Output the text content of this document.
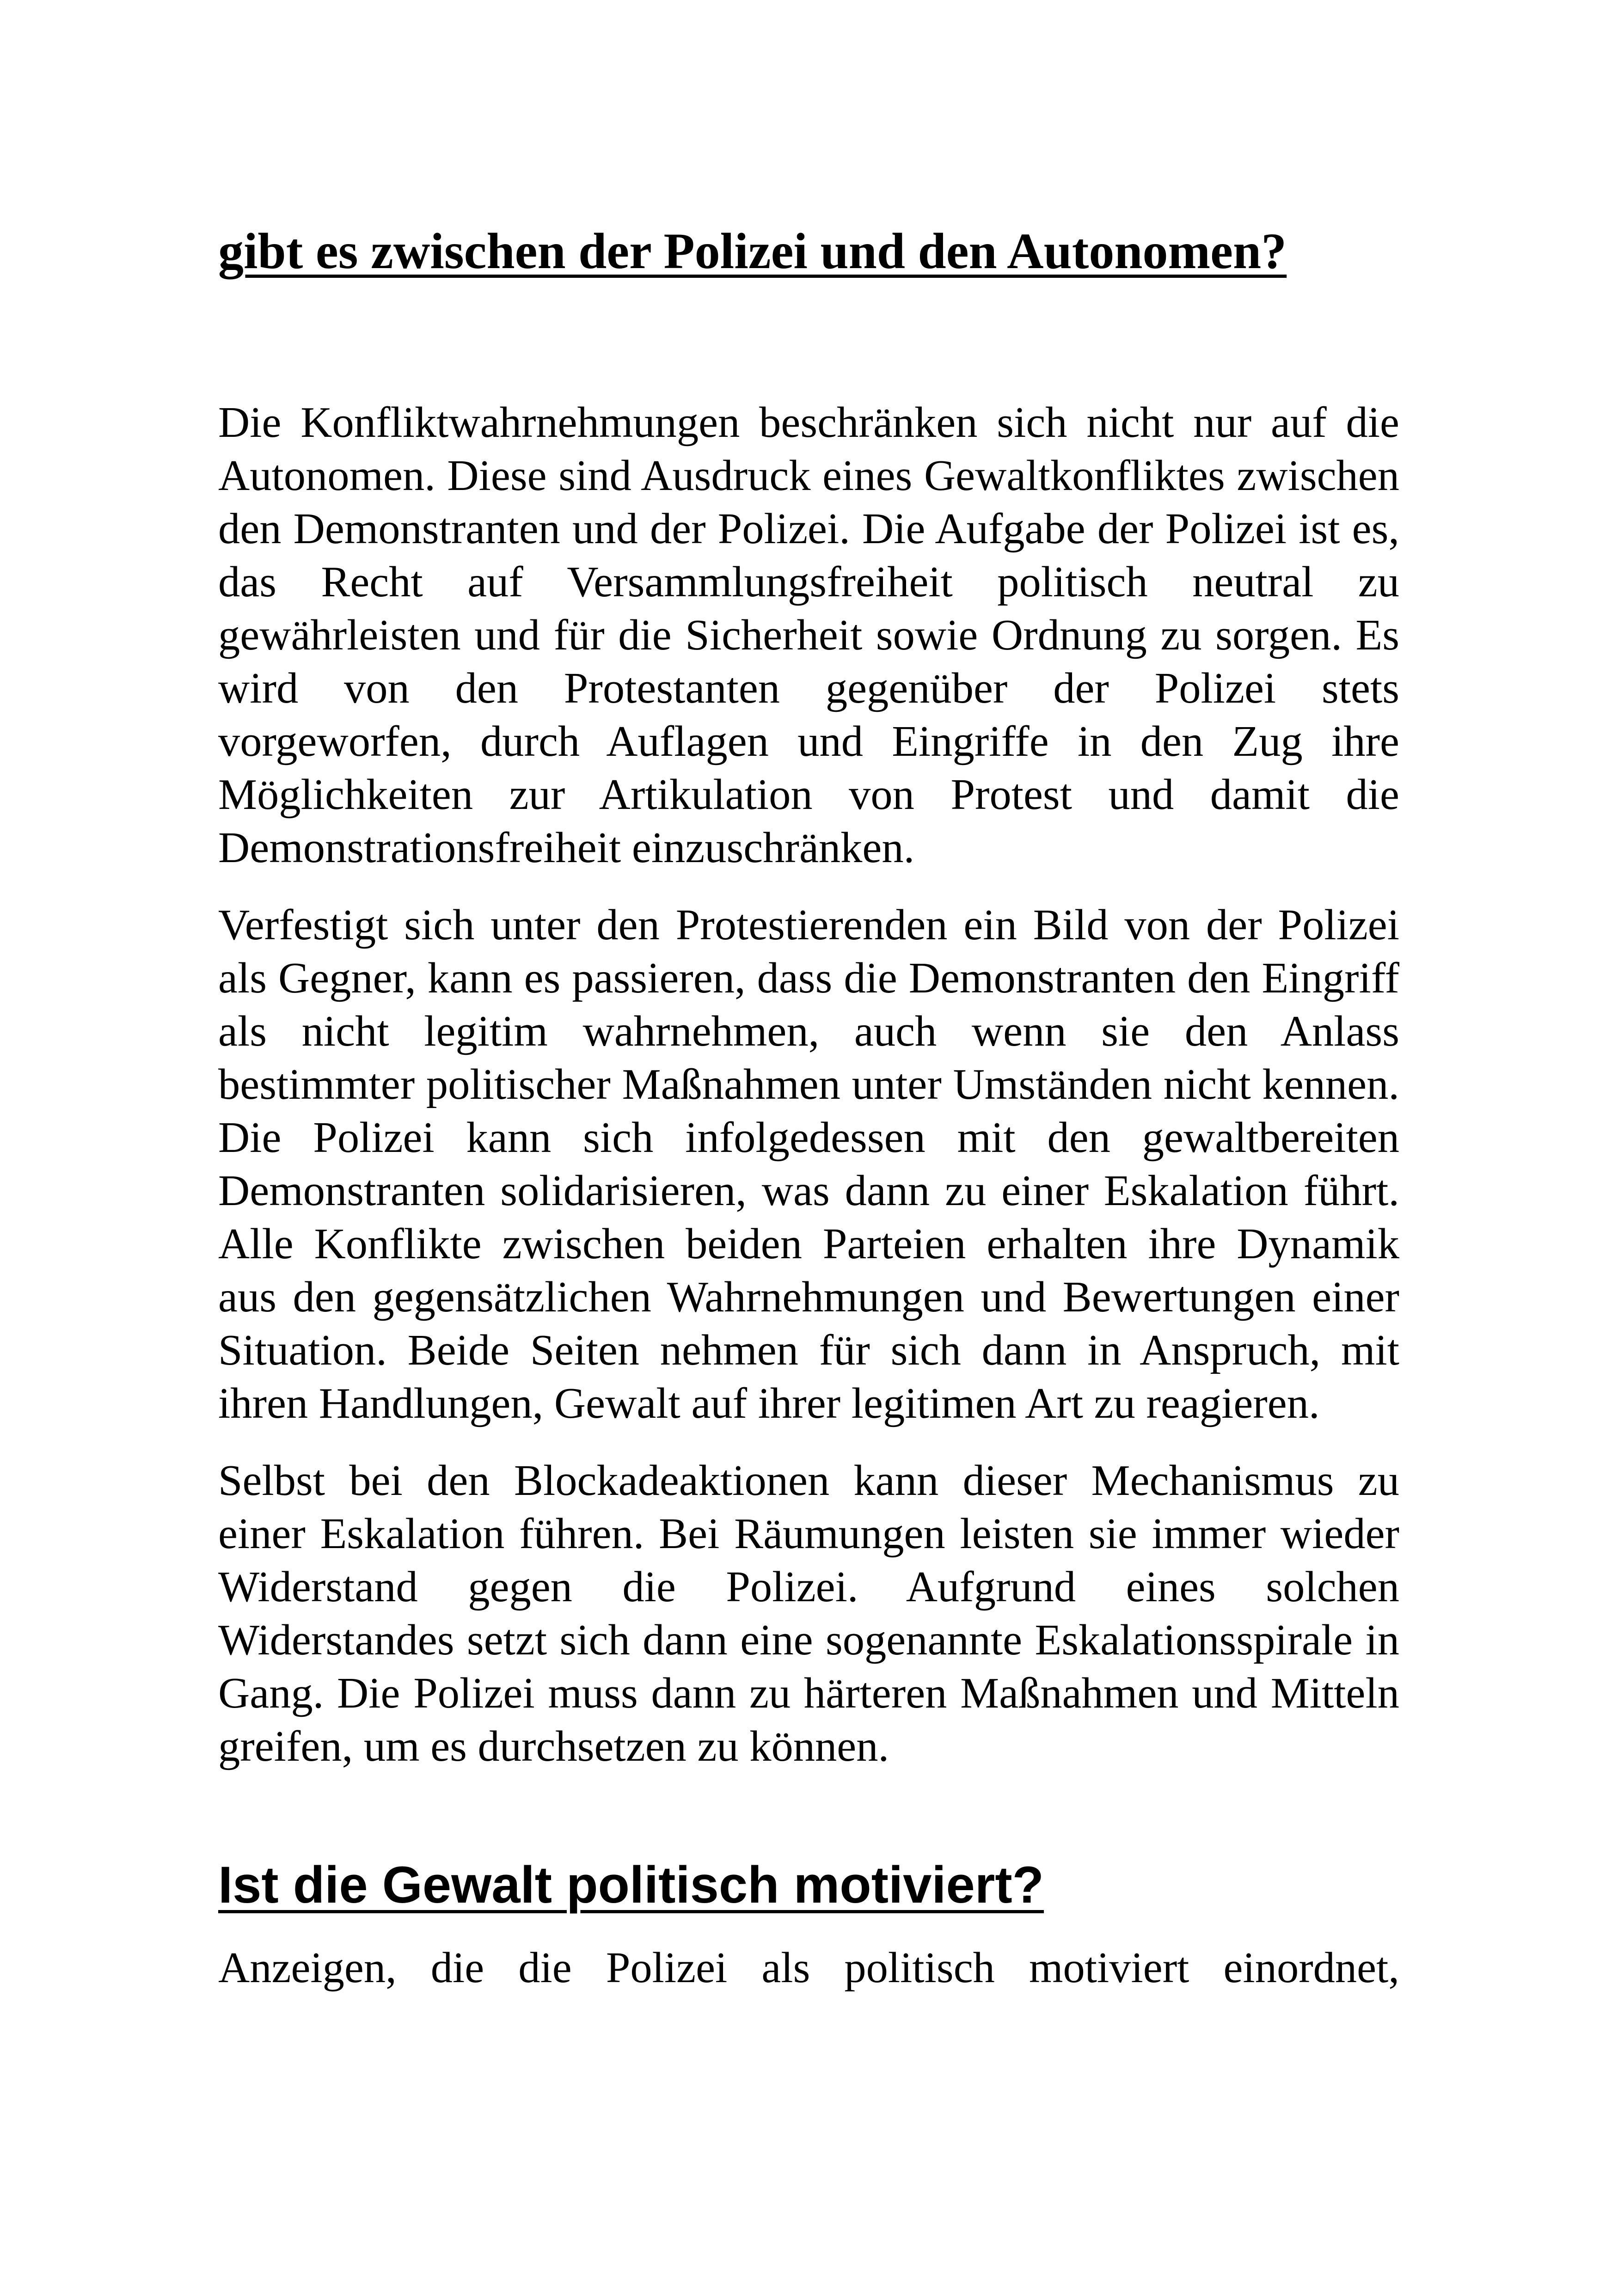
gibt es zwischen der Polizei und den Autonomen?

Die Konfliktwahrnehmungen beschränken sich nicht nur auf die Autonomen. Diese sind Ausdruck eines Gewaltkonfliktes zwischen den Demonstranten und der Polizei. Die Aufgabe der Polizei ist es, das Recht auf Versammlungsfreiheit politisch neutral zu gewährleisten und für die Sicherheit sowie Ordnung zu sorgen. Es wird von den Protestanten gegenüber der Polizei stets vorgeworfen, durch Auflagen und Eingriffe in den Zug ihre Möglichkeiten zur Artikulation von Protest und damit die Demonstrationsfreiheit einzuschränken.

Verfestigt sich unter den Protestierenden ein Bild von der Polizei als Gegner, kann es passieren, dass die Demonstranten den Eingriff als nicht legitim wahrnehmen, auch wenn sie den Anlass bestimmter politischer Maßnahmen unter Umständen nicht kennen. Die Polizei kann sich infolgedessen mit den gewaltbereiten Demonstranten solidarisieren, was dann zu einer Eskalation führt. Alle Konflikte zwischen beiden Parteien erhalten ihre Dynamik aus den gegensätzlichen Wahrnehmungen und Bewertungen einer Situation. Beide Seiten nehmen für sich dann in Anspruch, mit ihren Handlungen, Gewalt auf ihrer legitimen Art zu reagieren.

Selbst bei den Blockadeaktionen kann dieser Mechanismus zu einer Eskalation führen. Bei Räumungen leisten sie immer wieder Widerstand gegen die Polizei. Aufgrund eines solchen Widerstandes setzt sich dann eine sogenannte Eskalationsspirale in Gang. Die Polizei muss dann zu härteren Maßnahmen und Mitteln greifen, um es durchsetzen zu können.

Ist die Gewalt politisch motiviert?

Anzeigen, die die Polizei als politisch motiviert einordnet,
